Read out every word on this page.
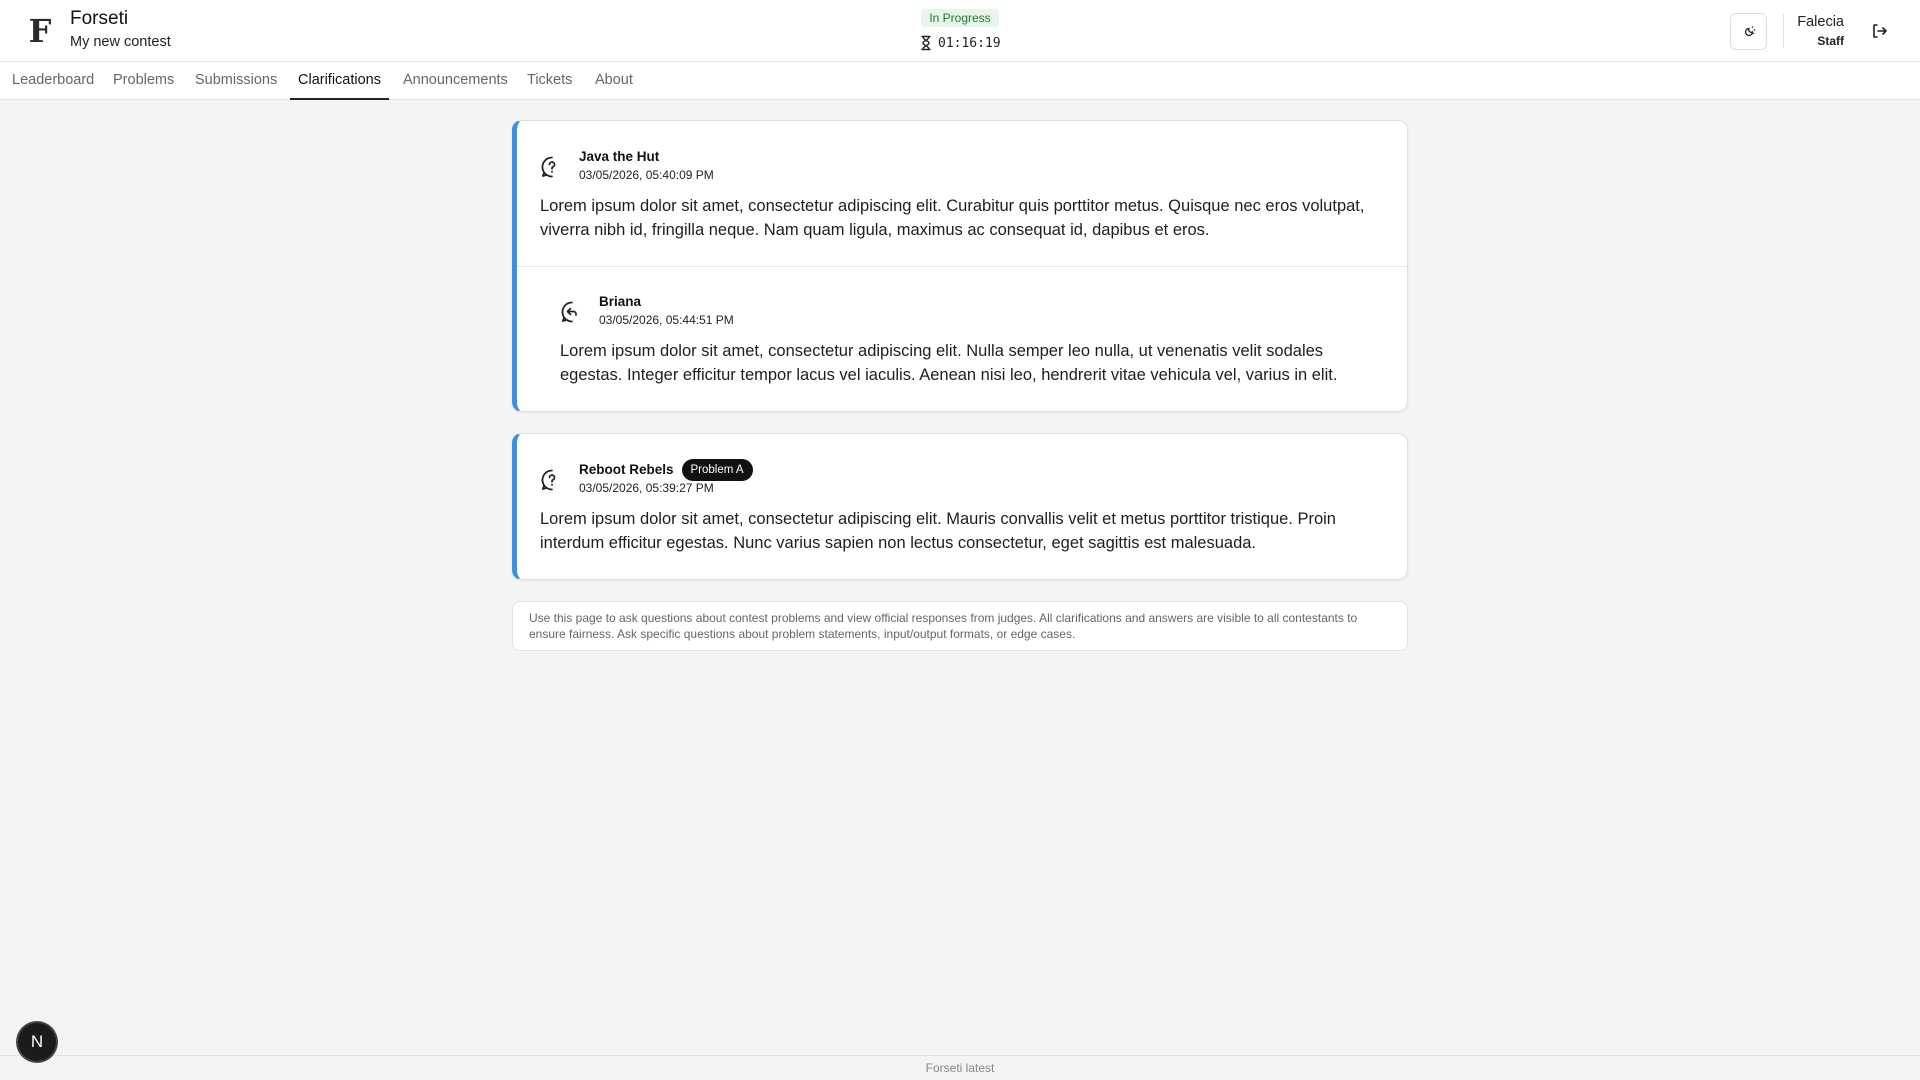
F Forseti
My new contest
In Progress
01:16:19
Falecia
Staff
Leaderboard	Problems	Submissions	Clarifications	Announcements	Tickets	About
Java the Hut
03/05/2026, 05:40:09 PM
Lorem ipsum dolor sit amet, consectetur adipiscing elit. Curabitur quis porttitor metus. Quisque nec eros volutpat, viverra nibh id, fringilla neque. Nam quam ligula, maximus ac consequat id, dapibus et eros.
Briana
03/05/2026, 05:44:51 PM
Lorem ipsum dolor sit amet, consectetur adipiscing elit. Nulla semper leo nulla, ut venenatis velit sodales egestas. Integer efficitur tempor lacus vel iaculis. Aenean nisi leo, hendrerit vitae vehicula vel, varius in elit.
Reboot Rebels	Problem A
03/05/2026, 05:39:27 PM
Lorem ipsum dolor sit amet, consectetur adipiscing elit. Mauris convallis velit et metus porttitor tristique. Proin interdum efficitur egestas. Nunc varius sapien non lectus consectetur, eget sagittis est malesuada.
Use this page to ask questions about contest problems and view official responses from judges. All clarifications and answers are visible to all contestants to ensure fairness. Ask specific questions about problem statements, input/output formats, or edge cases.
Forseti latest
N
